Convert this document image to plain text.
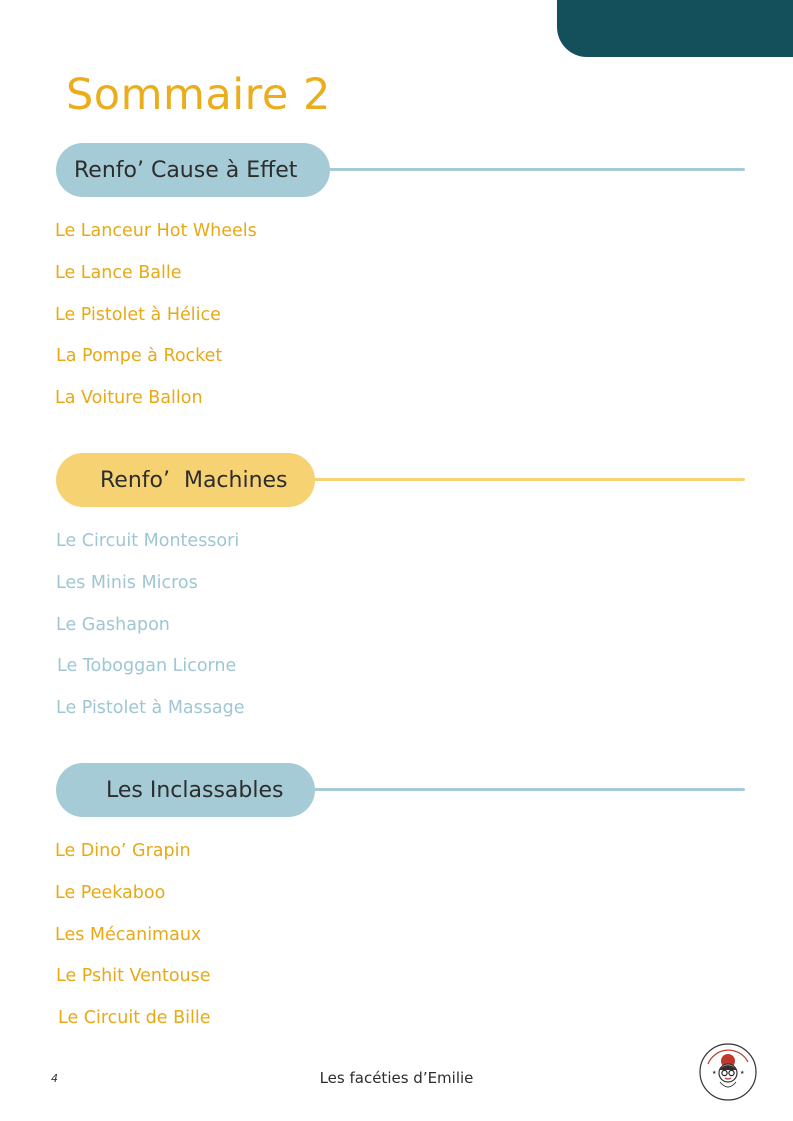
Sommaire 2
Renfo’ Cause à Effet
Le Lanceur Hot Wheels
Le Lance Balle
Le Pistolet à Hélice
La Pompe à Rocket
La Voiture Ballon
Renfo’  Machines
Le Circuit Montessori
Les Minis Micros
Le Gashapon
Le Toboggan Licorne
Le Pistolet à Massage
Les Inclassables
Le Dino’ Grapin
Le Peekaboo
Les Mécanimaux
Le Pshit Ventouse
Le Circuit de Bille
4	Les facéties d’Emilie	★	★
